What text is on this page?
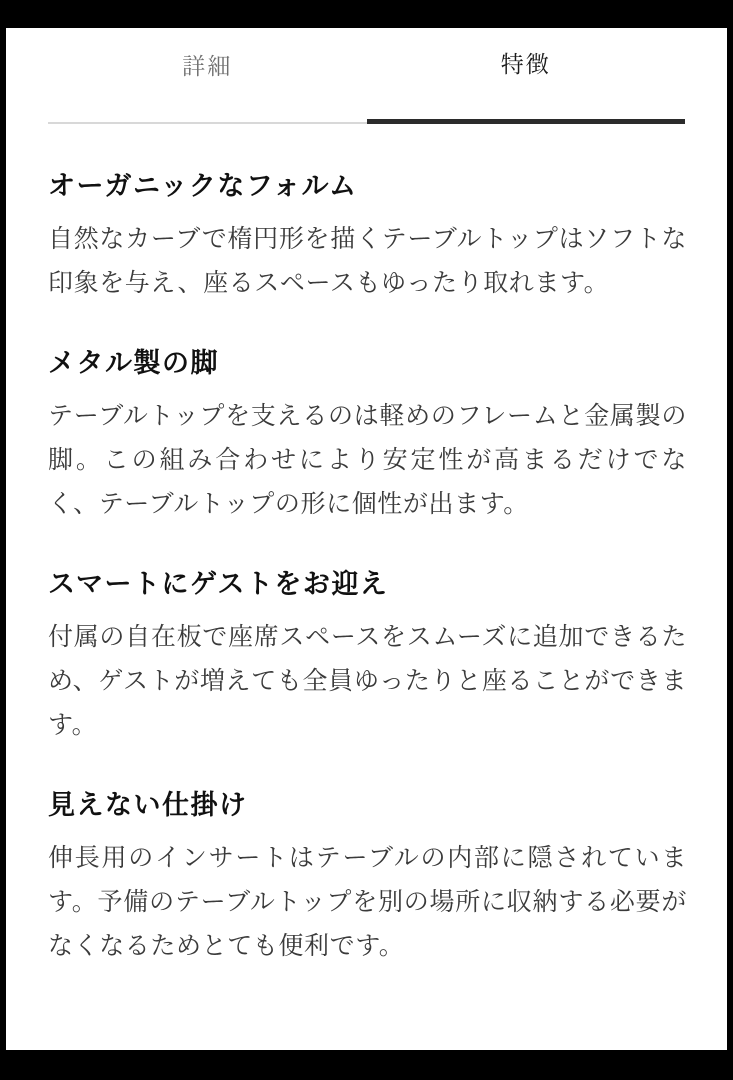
詳細	特徴
オーガニックなフォルム

自然なカーブで楕円形を描くテーブルトップはソフトな印象を与え、座るスペースもゆったり取れます。

メタル製の脚

テーブルトップを支えるのは軽めのフレームと金属製の脚。この組み合わせにより安定性が高まるだけでなく、テーブルトップの形に個性が出ます。

スマートにゲストをお迎え

付属の自在板で座席スペースをスムーズに追加できるため、ゲストが増えても全員ゆったりと座ることができます。

見えない仕掛け

伸長用のインサートはテーブルの内部に隠されています。予備のテーブルトップを別の場所に収納する必要がなくなるためとても便利です。
